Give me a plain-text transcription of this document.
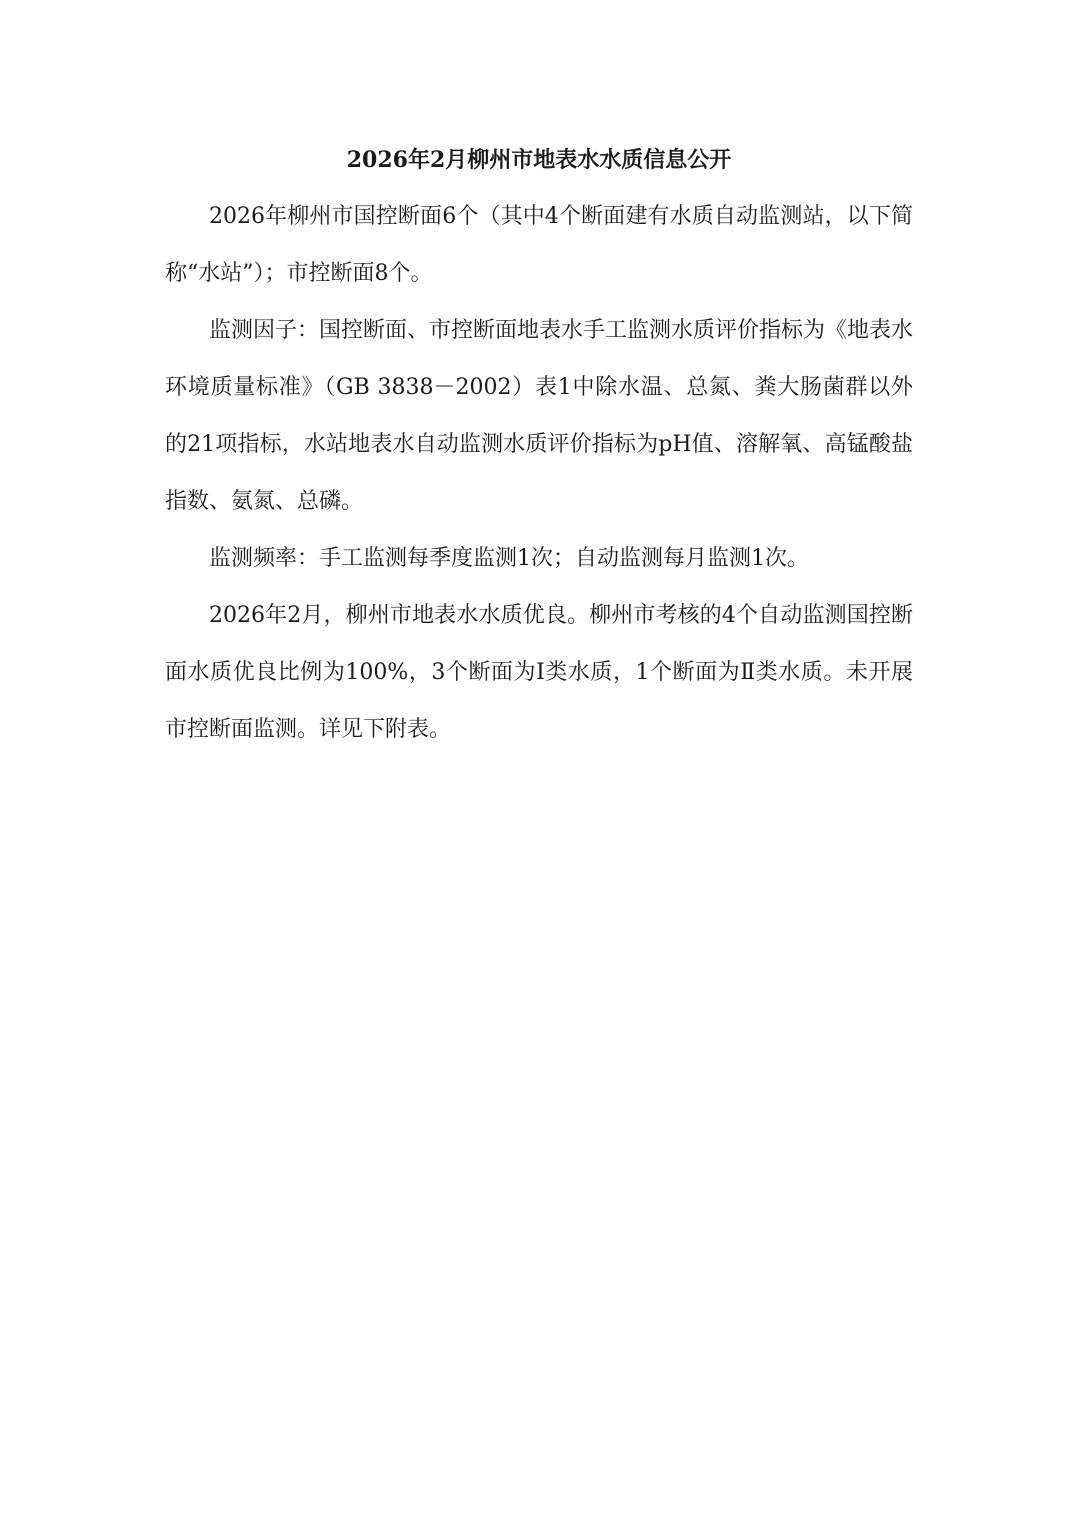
2026年2月柳州市地表水水质信息公开

2026年柳州市国控断面6个（其中4个断面建有水质自动监测站，以下简称“水站”）；市控断面8个。

监测因子：国控断面、市控断面地表水手工监测水质评价指标为《地表水环境质量标准》（GB 3838－2002）表1中除水温、总氮、粪大肠菌群以外的21项指标，水站地表水自动监测水质评价指标为pH值、溶解氧、高锰酸盐指数、氨氮、总磷。

监测频率：手工监测每季度监测1次；自动监测每月监测1次。

2026年2月，柳州市地表水水质优良。柳州市考核的4个自动监测国控断面水质优良比例为100%，3个断面为Ⅰ类水质，1个断面为Ⅱ类水质。未开展市控断面监测。详见下附表。
